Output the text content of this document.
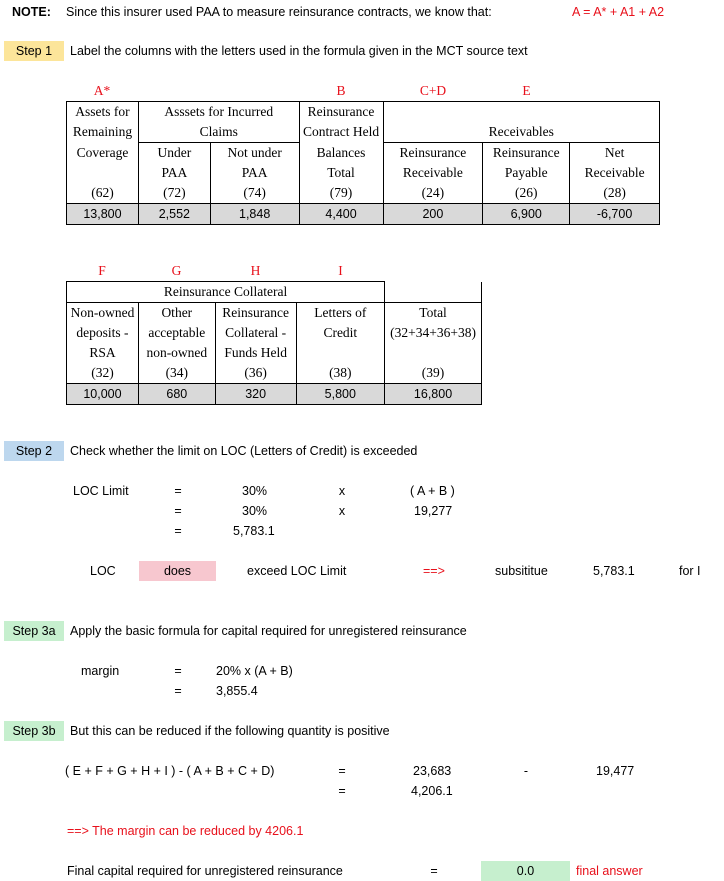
NOTE: Since this insurer used PAA to measure reinsurance contracts, we know that:	A = A* + A1 + A2
Step 1	Label the columns with the letters used in the formula given in the MCT source text
A*	B	C+D	E
Assets for	Asssets for Incurred		Reinsurance			
Remaining	Claims		Contract Held	Receivables		
Coverage	Under	Not under	Balances	Reinsurance	Reinsurance	Net
	PAA	PAA	Total	Receivable	Payable	Receivable
(62)	(72)	(74)	(79)	(24)	(26)	(28)
13,800	2,552	1,848	4,400	200	6,900	-6,700
F	G	H	I
Reinsurance Collateral				
Non-owned	Other	Reinsurance	Letters of	Total
deposits -	acceptable	Collateral -	Credit	(32+34+36+38)
RSA	non-owned	Funds Held		
(32)	(34)	(36)	(38)	(39)
10,000	680	320	5,800	16,800
Step 2	Check whether the limit on LOC (Letters of Credit) is exceeded
LOC Limit	=	30%	x	( A + B )
=	30%	x	19,277
=	5,783.1
LOC	does	exceed LOC Limit	==>	subsititue	5,783.1	for I
Step 3a	Apply the basic formula for capital required for unregistered reinsurance
margin	=	20% x (A + B)
=	3,855.4
Step 3b	But this can be reduced if the following quantity is positive
( E + F + G + H + I ) - ( A + B + C + D)	=	23,683	-	19,477
=	4,206.1
==> The margin can be reduced by 4206.1
Final capital required for unregistered reinsurance	=	0.0	final answer
